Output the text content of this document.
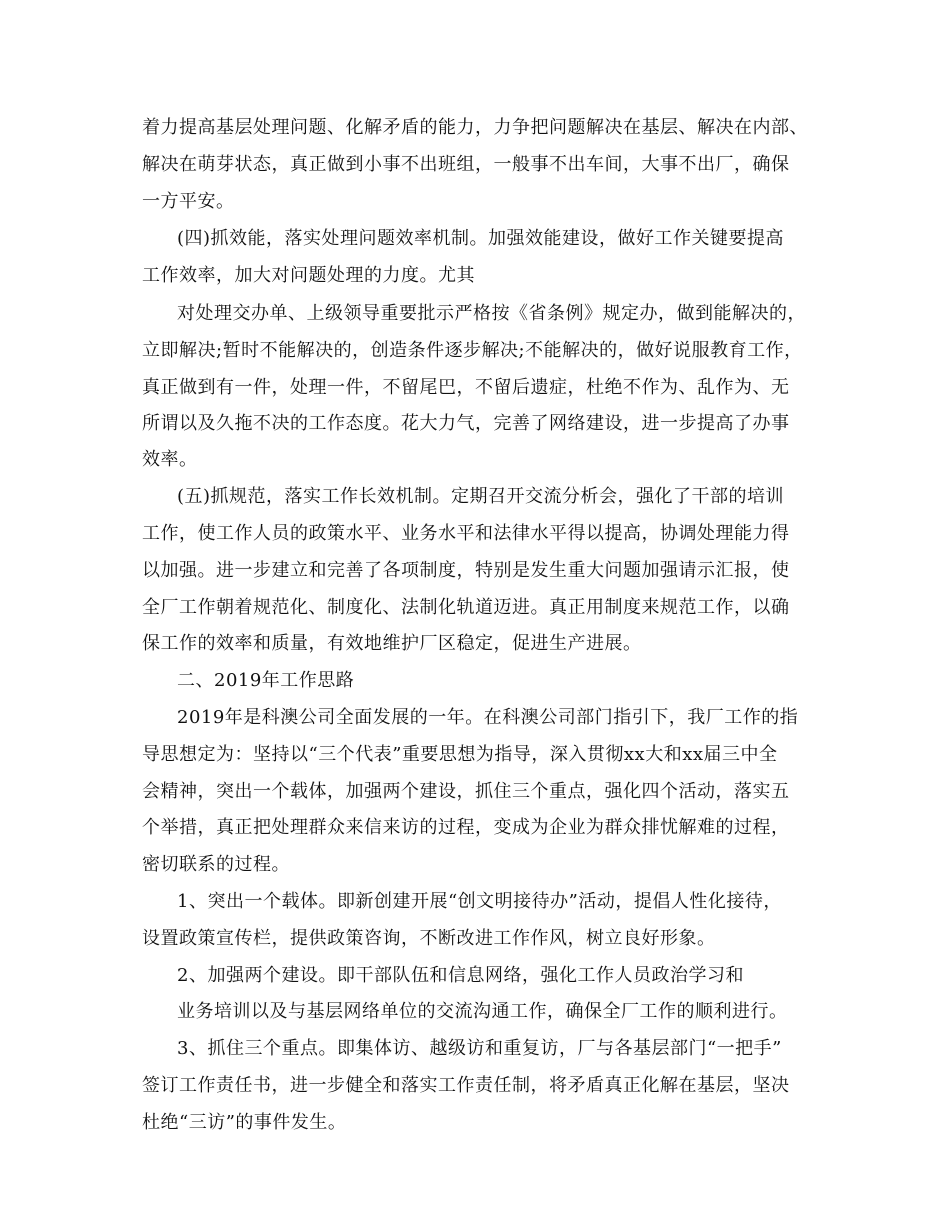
着力提高基层处理问题、化解矛盾的能力，力争把问题解决在基层、解决在内部、
解决在萌芽状态，真正做到小事不出班组，一般事不出车间，大事不出厂，确保
一方平安。
(四)抓效能，落实处理问题效率机制。加强效能建设，做好工作关键要提高
工作效率，加大对问题处理的力度。尤其
对处理交办单、上级领导重要批示严格按《省条例》规定办，做到能解决的，
立即解决;暂时不能解决的，创造条件逐步解决;不能解决的，做好说服教育工作，
真正做到有一件，处理一件，不留尾巴，不留后遗症，杜绝不作为、乱作为、无
所谓以及久拖不决的工作态度。花大力气，完善了网络建设，进一步提高了办事
效率。
(五)抓规范，落实工作长效机制。定期召开交流分析会，强化了干部的培训
工作，使工作人员的政策水平、业务水平和法律水平得以提高，协调处理能力得
以加强。进一步建立和完善了各项制度，特别是发生重大问题加强请示汇报，使
全厂工作朝着规范化、制度化、法制化轨道迈进。真正用制度来规范工作，以确
保工作的效率和质量，有效地维护厂区稳定，促进生产进展。
二、2019年工作思路
2019年是科澳公司全面发展的一年。在科澳公司部门指引下，我厂工作的指
导思想定为：坚持以“三个代表”重要思想为指导，深入贯彻xx大和xx届三中全
会精神，突出一个载体，加强两个建设，抓住三个重点，强化四个活动，落实五
个举措，真正把处理群众来信来访的过程，变成为企业为群众排忧解难的过程，
密切联系的过程。
1、突出一个载体。即新创建开展“创文明接待办”活动，提倡人性化接待，
设置政策宣传栏，提供政策咨询，不断改进工作作风，树立良好形象。
2、加强两个建设。即干部队伍和信息网络，强化工作人员政治学习和
业务培训以及与基层网络单位的交流沟通工作，确保全厂工作的顺利进行。
3、抓住三个重点。即集体访、越级访和重复访，厂与各基层部门“一把手”
签订工作责任书，进一步健全和落实工作责任制，将矛盾真正化解在基层，坚决
杜绝“三访”的事件发生。
